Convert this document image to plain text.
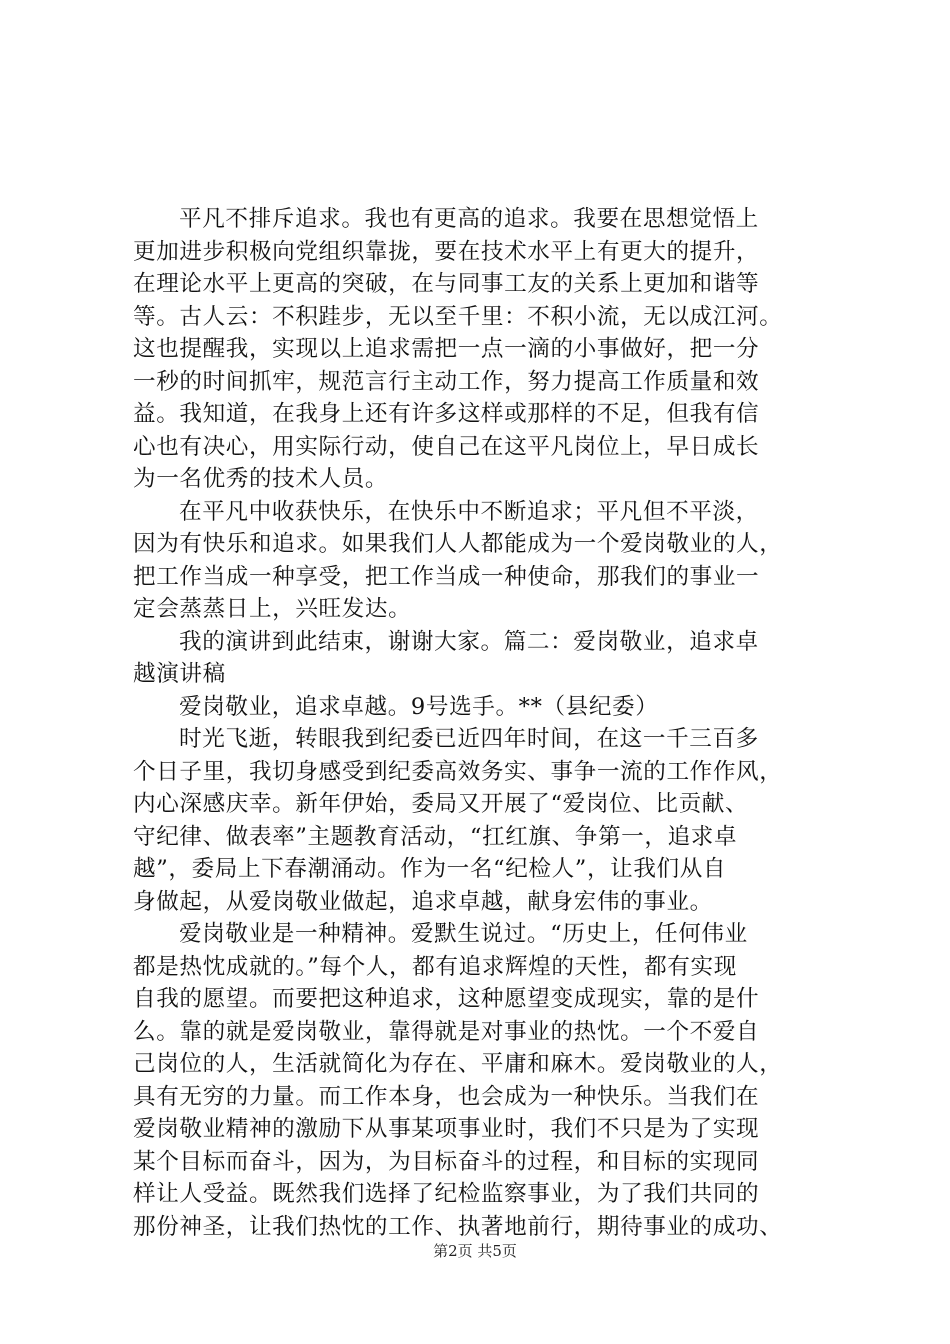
平凡不排斥追求。我也有更高的追求。我要在思想觉悟上
更加进步积极向党组织靠拢，要在技术水平上有更大的提升，
在理论水平上更高的突破，在与同事工友的关系上更加和谐等
等。古人云：不积跬步，无以至千里：不积小流，无以成江河。
这也提醒我，实现以上追求需把一点一滴的小事做好，把一分
一秒的时间抓牢，规范言行主动工作，努力提高工作质量和效
益。我知道，在我身上还有许多这样或那样的不足，但我有信
心也有决心，用实际行动，使自己在这平凡岗位上，早日成长
为一名优秀的技术人员。
在平凡中收获快乐，在快乐中不断追求；平凡但不平淡，
因为有快乐和追求。如果我们人人都能成为一个爱岗敬业的人，
把工作当成一种享受，把工作当成一种使命，那我们的事业一
定会蒸蒸日上，兴旺发达。
我的演讲到此结束，谢谢大家。篇二：爱岗敬业，追求卓
越演讲稿
爱岗敬业，追求卓越。9号选手。**（县纪委）
时光飞逝，转眼我到纪委已近四年时间，在这一千三百多
个日子里，我切身感受到纪委高效务实、事争一流的工作作风，
内心深感庆幸。新年伊始，委局又开展了“爱岗位、比贡献、
守纪律、做表率”主题教育活动，“扛红旗、争第一，追求卓
越”，委局上下春潮涌动。作为一名“纪检人”，让我们从自
身做起，从爱岗敬业做起，追求卓越，献身宏伟的事业。
爱岗敬业是一种精神。爱默生说过。“历史上，任何伟业
都是热忱成就的。”每个人，都有追求辉煌的天性，都有实现
自我的愿望。而要把这种追求，这种愿望变成现实，靠的是什
么。靠的就是爱岗敬业，靠得就是对事业的热忱。一个不爱自
己岗位的人，生活就简化为存在、平庸和麻木。爱岗敬业的人，
具有无穷的力量。而工作本身，也会成为一种快乐。当我们在
爱岗敬业精神的激励下从事某项事业时，我们不只是为了实现
某个目标而奋斗，因为，为目标奋斗的过程，和目标的实现同
样让人受益。既然我们选择了纪检监察事业，为了我们共同的
那份神圣，让我们热忱的工作、执著地前行，期待事业的成功、
第2页 共5页
